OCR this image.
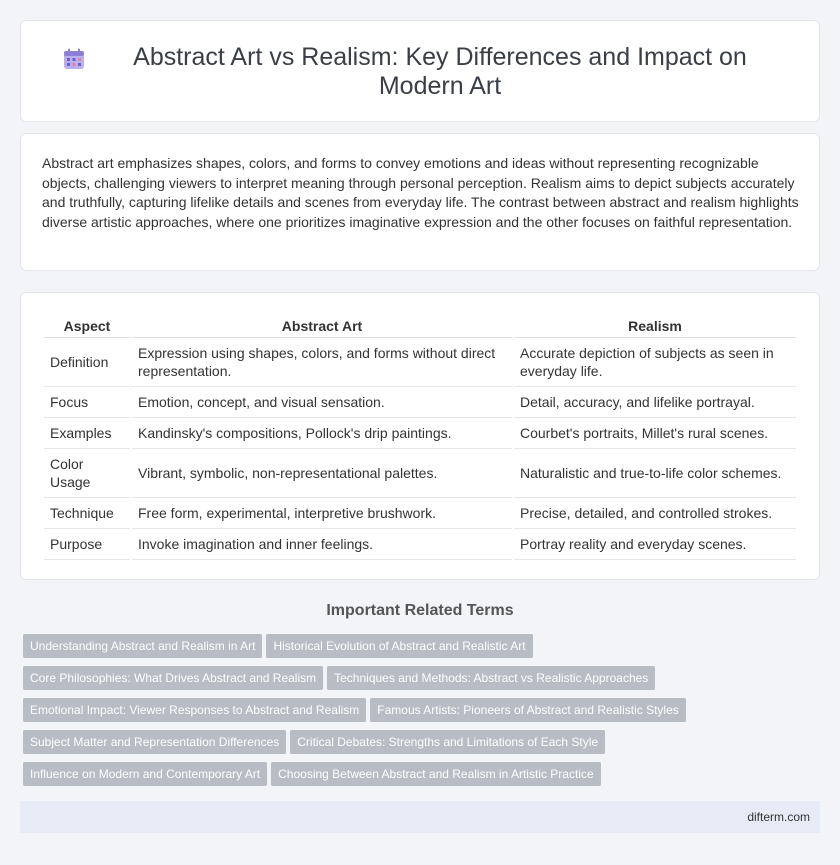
Abstract Art vs Realism: Key Differences and Impact on Modern Art

Abstract art emphasizes shapes, colors, and forms to convey emotions and ideas without representing recognizable objects, challenging viewers to interpret meaning through personal perception. Realism aims to depict subjects accurately and truthfully, capturing lifelike details and scenes from everyday life. The contrast between abstract and realism highlights diverse artistic approaches, where one prioritizes imaginative expression and the other focuses on faithful representation.

Aspect	Abstract Art	Realism
Definition	Expression using shapes, colors, and forms without direct representation.	Accurate depiction of subjects as seen in everyday life.
Focus	Emotion, concept, and visual sensation.	Detail, accuracy, and lifelike portrayal.
Examples	Kandinsky's compositions, Pollock's drip paintings.	Courbet's portraits, Millet's rural scenes.
Color Usage	Vibrant, symbolic, non-representational palettes.	Naturalistic and true-to-life color schemes.
Technique	Free form, experimental, interpretive brushwork.	Precise, detailed, and controlled strokes.
Purpose	Invoke imagination and inner feelings.	Portray reality and everyday scenes.
Important Related Terms
Understanding Abstract and Realism in Art Historical Evolution of Abstract and Realistic Art
Core Philosophies: What Drives Abstract and Realism Techniques and Methods: Abstract vs Realistic Approaches
Emotional Impact: Viewer Responses to Abstract and Realism Famous Artists: Pioneers of Abstract and Realistic Styles
Subject Matter and Representation Differences Critical Debates: Strengths and Limitations of Each Style
Influence on Modern and Contemporary Art Choosing Between Abstract and Realism in Artistic Practice
difterm.com
